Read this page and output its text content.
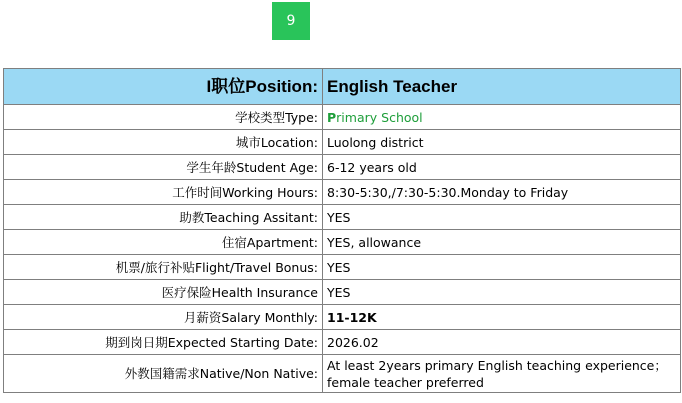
9
I职位Position:	English Teacher
学校类型Type:	Primary School
城市Location:	Luolong district
学生年龄Student Age:	6-12 years old
工作时间Working Hours:	8:30-5:30,/7:30-5:30.Monday to Friday
助教Teaching Assitant:	YES
住宿Apartment:	YES, allowance
机票/旅行补贴Flight/Travel Bonus:	YES
医疗保险Health Insurance	YES
月薪资Salary Monthly:	11-12K
期到岗日期Expected Starting Date:	2026.02
外教国籍需求Native/Non Native:	At least 2years primary English teaching experience；female teacher preferred
